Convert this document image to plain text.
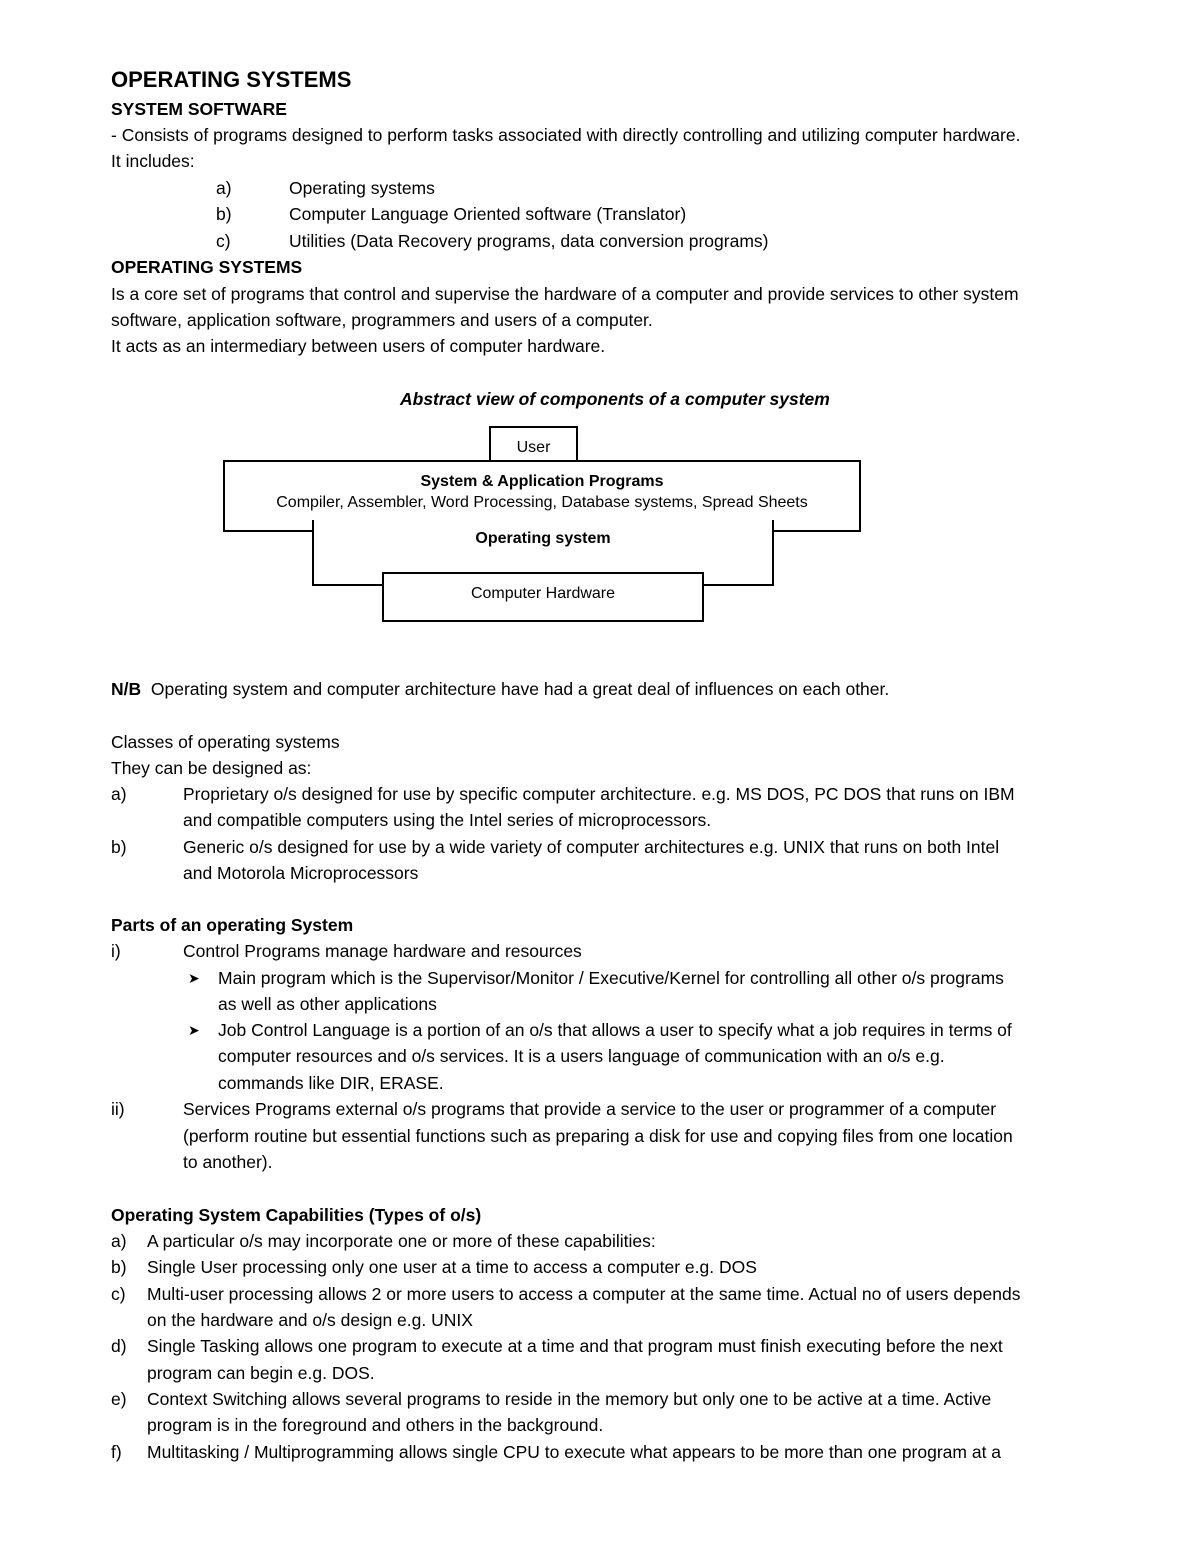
OPERATING SYSTEMS
SYSTEM SOFTWARE
- Consists of programs designed to perform tasks associated with directly controlling and utilizing computer hardware.
It includes:
a)	Operating systems
b)	Computer Language Oriented software (Translator)
c)	Utilities (Data Recovery programs, data conversion programs)
OPERATING SYSTEMS
Is a core set of programs that control and supervise the hardware of a computer and provide services to other system
software, application software, programmers and users of a computer.
It acts as an intermediary between users of computer hardware.
Abstract view of components of a computer system
User
System & Application Programs
Compiler, Assembler, Word Processing, Database systems, Spread Sheets
Operating system
Computer Hardware
N/B Operating system and computer architecture have had a great deal of influences on each other.
Classes of operating systems
They can be designed as:
a)	Proprietary o/s designed for use by specific computer architecture. e.g. MS DOS, PC DOS that runs on IBM
and compatible computers using the Intel series of microprocessors.
b)	Generic o/s designed for use by a wide variety of computer architectures e.g. UNIX that runs on both Intel
and Motorola Microprocessors
Parts of an operating System
i)	Control Programs manage hardware and resources
➤ Main program which is the Supervisor/Monitor / Executive/Kernel for controlling all other o/s programs
as well as other applications
➤ Job Control Language is a portion of an o/s that allows a user to specify what a job requires in terms of
computer resources and o/s services. It is a users language of communication with an o/s e.g.
commands like DIR, ERASE.
ii)	Services Programs external o/s programs that provide a service to the user or programmer of a computer
(perform routine but essential functions such as preparing a disk for use and copying files from one location
to another).
Operating System Capabilities (Types of o/s)
a) A particular o/s may incorporate one or more of these capabilities:
b) Single User processing only one user at a time to access a computer e.g. DOS
c) Multi-user processing allows 2 or more users to access a computer at the same time. Actual no of users depends
on the hardware and o/s design e.g. UNIX
d) Single Tasking allows one program to execute at a time and that program must finish executing before the next
program can begin e.g. DOS.
e) Context Switching allows several programs to reside in the memory but only one to be active at a time. Active
program is in the foreground and others in the background.
f) Multitasking / Multiprogramming allows single CPU to execute what appears to be more than one program at a
